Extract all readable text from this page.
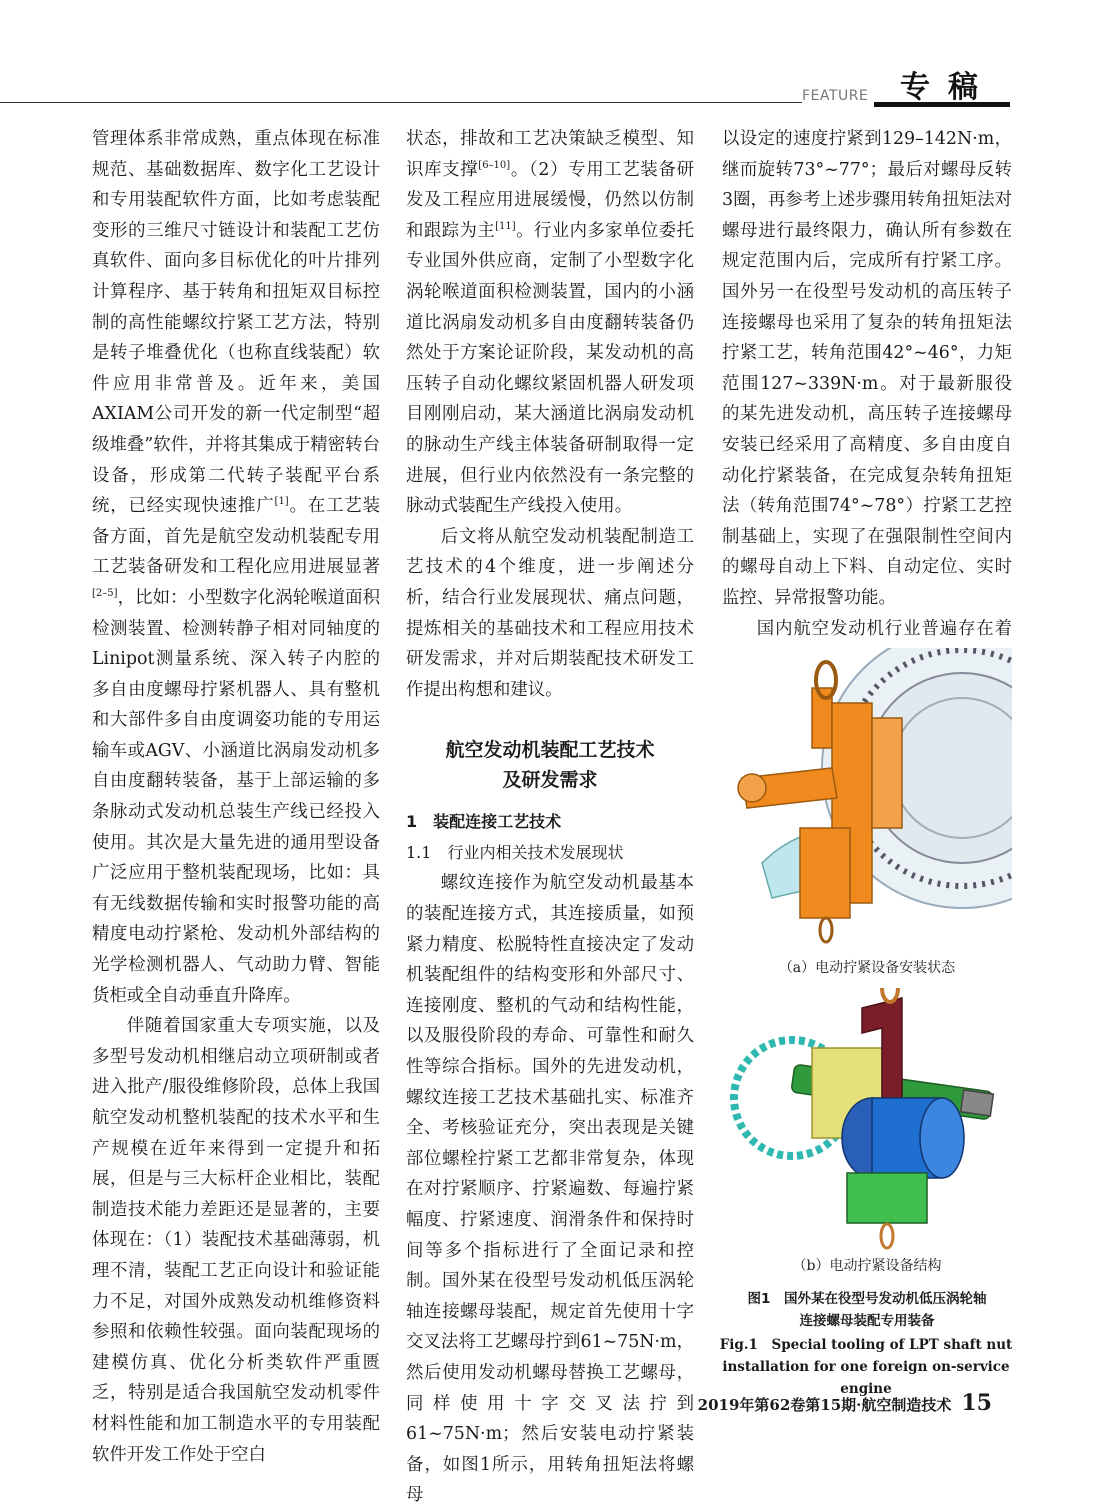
FEATURE 专稿

管理体系非常成熟，重点体现在标准规范、基础数据库、数字化工艺设计和专用装配软件方面，比如考虑装配变形的三维尺寸链设计和装配工艺仿真软件、面向多目标优化的叶片排列计算程序、基于转角和扭矩双目标控制的高性能螺纹拧紧工艺方法，特别是转子堆叠优化（也称直线装配）软件应用非常普及。近年来，美国AXIAM公司开发的新一代定制型“超级堆叠”软件，并将其集成于精密转台设备，形成第二代转子装配平台系统，已经实现快速推广[1]。在工艺装备方面，首先是航空发动机装配专用工艺装备研发和工程化应用进展显著[2–5]，比如：小型数字化涡轮喉道面积检测装置、检测转静子相对同轴度的Linipot测量系统、深入转子内腔的多自由度螺母拧紧机器人、具有整机和大部件多自由度调姿功能的专用运输车或AGV、小涵道比涡扇发动机多自由度翻转装备，基于上部运输的多条脉动式发动机总装生产线已经投入使用。其次是大量先进的通用型设备广泛应用于整机装配现场，比如：具有无线数据传输和实时报警功能的高精度电动拧紧枪、发动机外部结构的光学检测机器人、气动助力臂、智能货柜或全自动垂直升降库。

伴随着国家重大专项实施，以及多型号发动机相继启动立项研制或者进入批产/服役维修阶段，总体上我国航空发动机整机装配的技术水平和生产规模在近年来得到一定提升和拓展，但是与三大标杆企业相比，装配制造技术能力差距还是显著的，主要体现在：（1）装配技术基础薄弱，机理不清，装配工艺正向设计和验证能力不足，对国外成熟发动机维修资料参照和依赖性较强。面向装配现场的建模仿真、优化分析类软件严重匮乏，特别是适合我国航空发动机零件材料性能和加工制造水平的专用装配软件开发工作处于空白

状态，排故和工艺决策缺乏模型、知识库支撑[6–10]。（2）专用工艺装备研发及工程应用进展缓慢，仍然以仿制和跟踪为主[11]。行业内多家单位委托专业国外供应商，定制了小型数字化涡轮喉道面积检测装置，国内的小涵道比涡扇发动机多自由度翻转装备仍然处于方案论证阶段，某发动机的高压转子自动化螺纹紧固机器人研发项目刚刚启动，某大涵道比涡扇发动机的脉动生产线主体装备研制取得一定进展，但行业内依然没有一条完整的脉动式装配生产线投入使用。

后文将从航空发动机装配制造工艺技术的4个维度，进一步阐述分析，结合行业发展现状、痛点问题，提炼相关的基础技术和工程应用技术研发需求，并对后期装配技术研发工作提出构想和建议。

航空发动机装配工艺技术
及研发需求

1　装配连接工艺技术

1.1　行业内相关技术发展现状

螺纹连接作为航空发动机最基本的装配连接方式，其连接质量，如预紧力精度、松脱特性直接决定了发动机装配组件的结构变形和外部尺寸、连接刚度、整机的气动和结构性能，以及服役阶段的寿命、可靠性和耐久性等综合指标。国外的先进发动机，螺纹连接工艺技术基础扎实、标准齐全、考核验证充分，突出表现是关键部位螺栓拧紧工艺都非常复杂，体现在对拧紧顺序、拧紧遍数、每遍拧紧幅度、拧紧速度、润滑条件和保持时间等多个指标进行了全面记录和控制。国外某在役型号发动机低压涡轮轴连接螺母装配，规定首先使用十字交叉法将工艺螺母拧到61~75N·m，然后使用发动机螺母替换工艺螺母，同样使用十字交叉法拧到61~75N·m；然后安装电动拧紧装备，如图1所示，用转角扭矩法将螺母

以设定的速度拧紧到129–142N·m，继而旋转73°~77°；最后对螺母反转3圈，再参考上述步骤用转角扭矩法对螺母进行最终限力，确认所有参数在规定范围内后，完成所有拧紧工序。国外另一在役型号发动机的高压转子连接螺母也采用了复杂的转角扭矩法拧紧工艺，转角范围42°~46°，力矩范围127~339N·m。对于最新服役的某先进发动机，高压转子连接螺母安装已经采用了高精度、多自由度自动化拧紧装备，在完成复杂转角扭矩法（转角范围74°~78°）拧紧工艺控制基础上，实现了在强限制性空间内的螺母自动上下料、自动定位、实时监控、异常报警功能。

国内航空发动机行业普遍存在着

（a）电动拧紧设备安装状态
（b）电动拧紧设备结构
图1　国外某在役型号发动机低压涡轮轴
连接螺母装配专用装备
Fig.1　Special tooling of LPT shaft nut
installation for one foreign on-service engine
2019年第62卷第15期·航空制造技术 15
